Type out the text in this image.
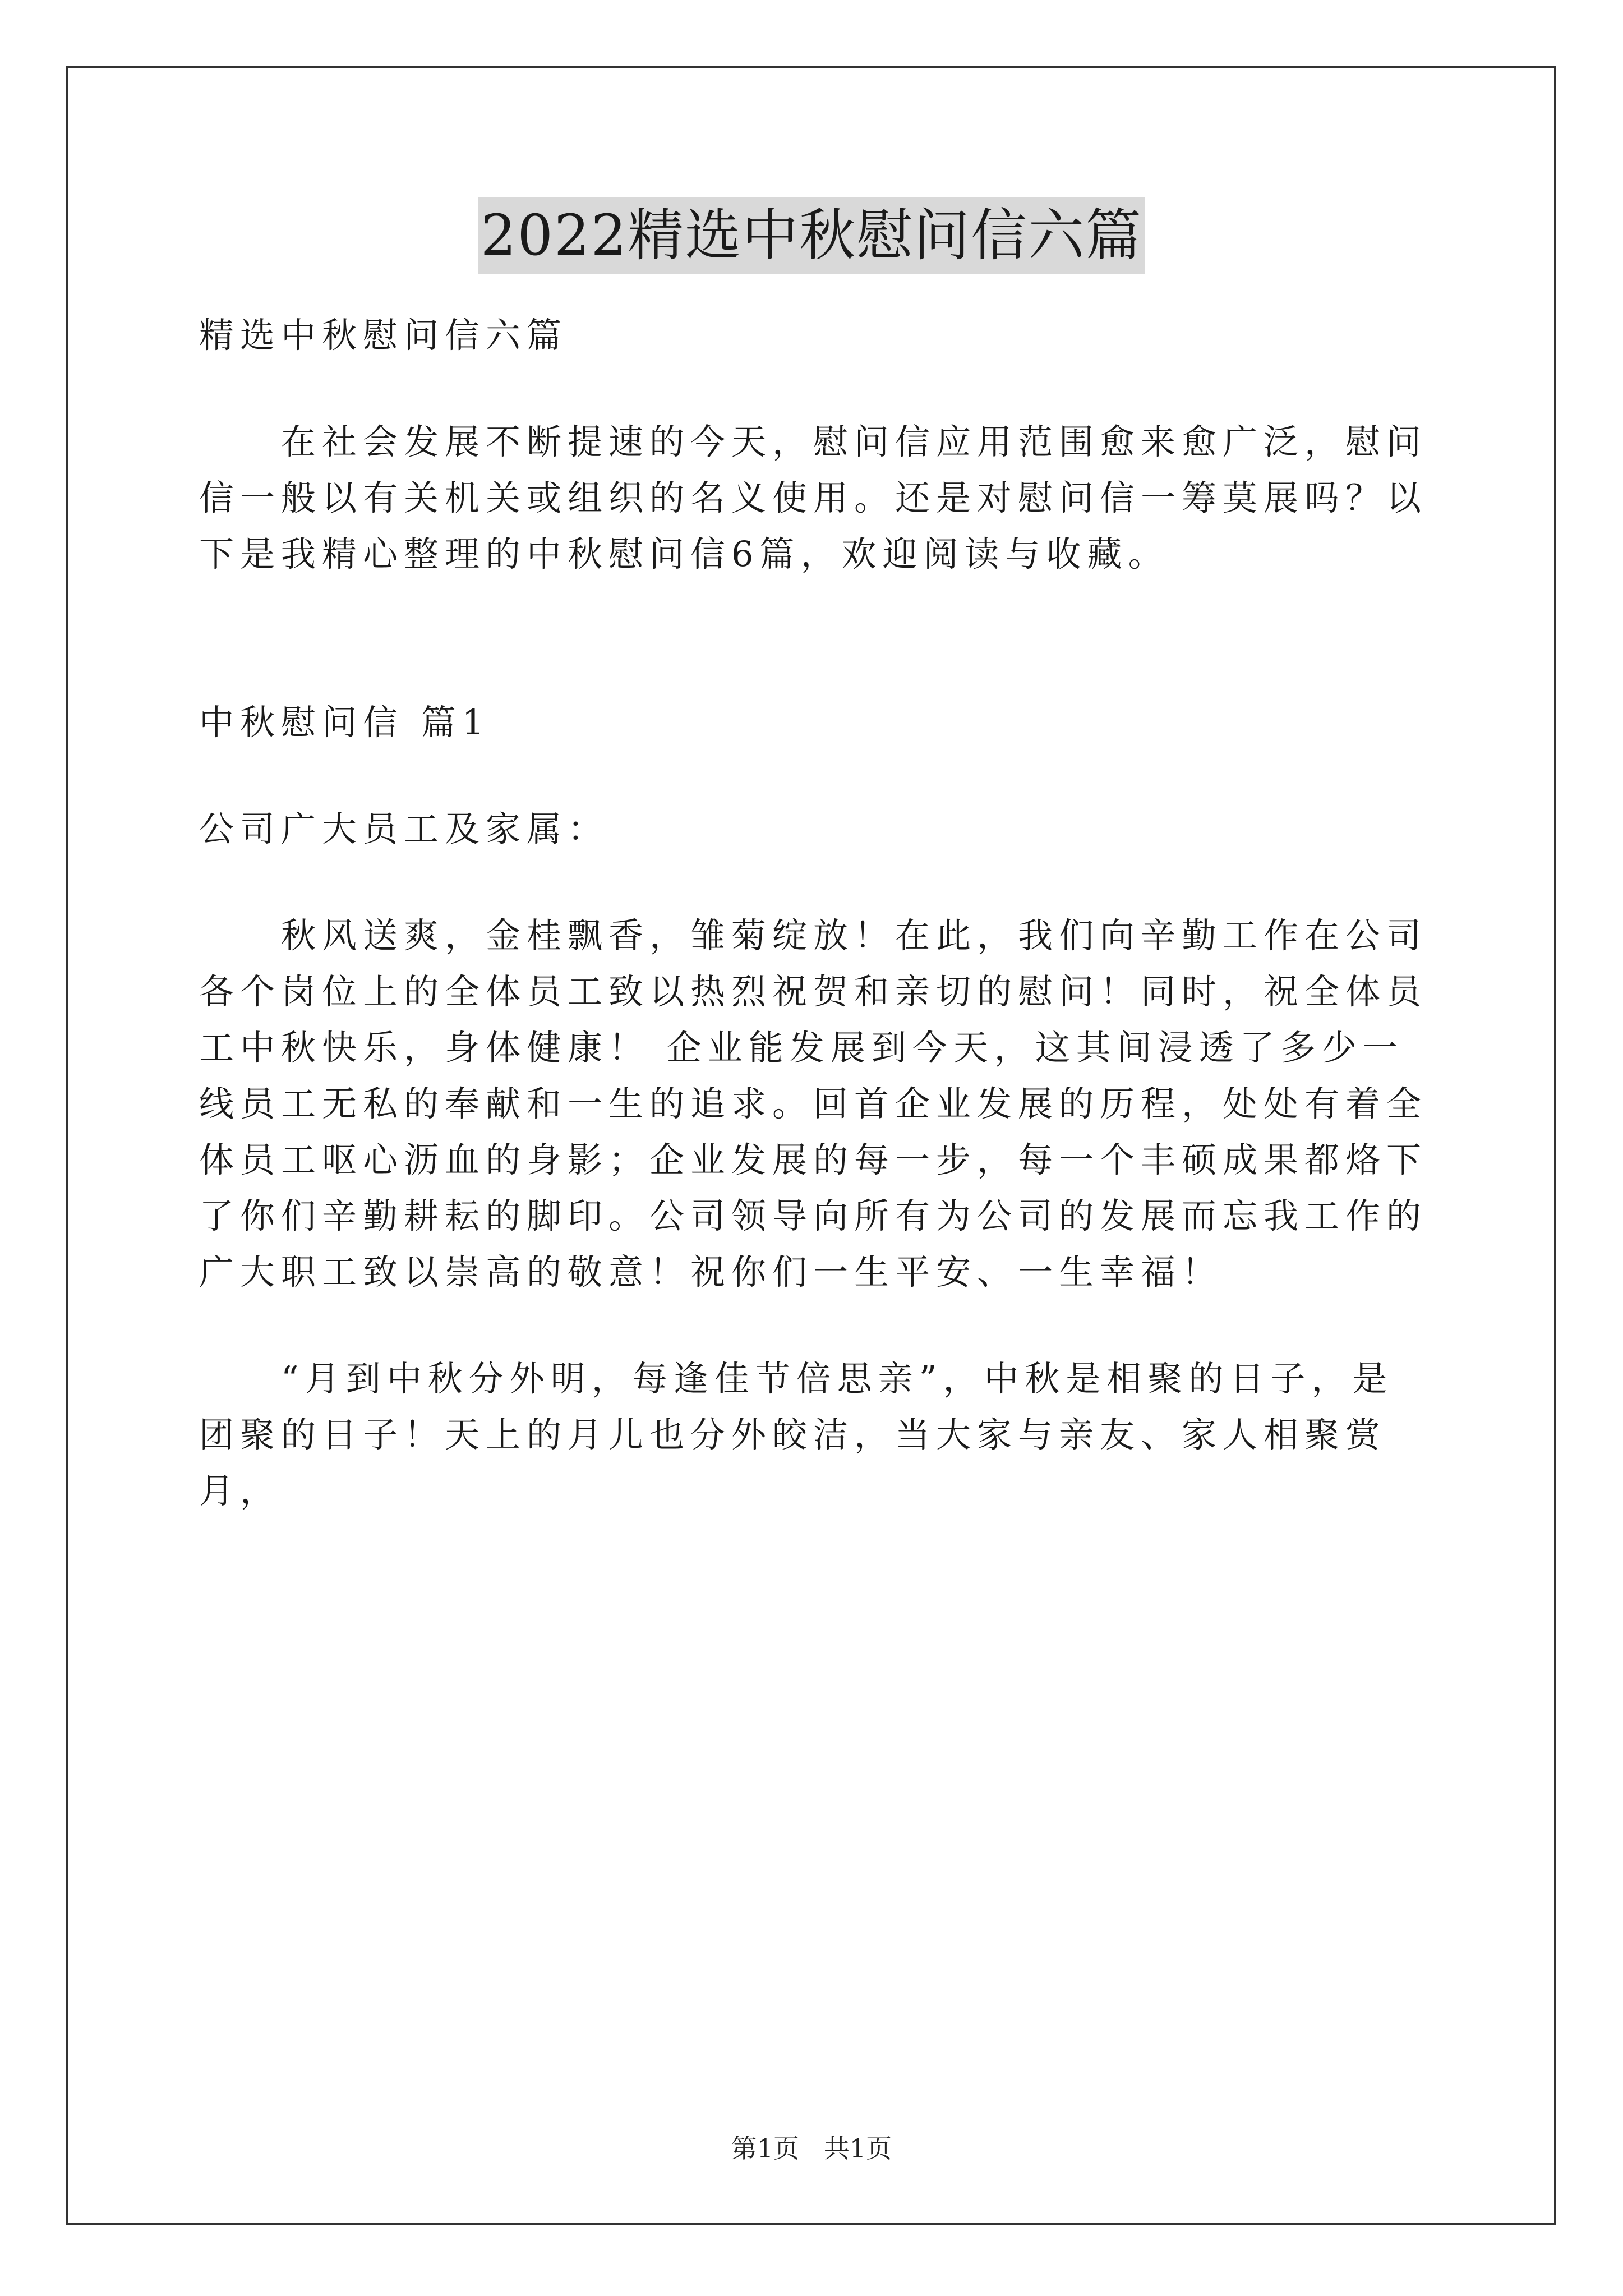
2022精选中秋慰问信六篇

精选中秋慰问信六篇

在社会发展不断提速的今天，慰问信应用范围愈来愈广泛，慰问信一般以有关机关或组织的名义使用。还是对慰问信一筹莫展吗？以下是我精心整理的中秋慰问信6篇，欢迎阅读与收藏。

中秋慰问信 篇1

公司广大员工及家属：

秋风送爽，金桂飘香，雏菊绽放！在此，我们向辛勤工作在公司各个岗位上的全体员工致以热烈祝贺和亲切的慰问！同时，祝全体员工中秋快乐，身体健康！ 企业能发展到今天，这其间浸透了多少一线员工无私的奉献和一生的追求。回首企业发展的历程，处处有着全体员工呕心沥血的身影；企业发展的每一步，每一个丰硕成果都烙下了你们辛勤耕耘的脚印。公司领导向所有为公司的发展而忘我工作的广大职工致以崇高的敬意！祝你们一生平安、一生幸福！

“月到中秋分外明，每逢佳节倍思亲”，中秋是相聚的日子，是团聚的日子！天上的月儿也分外皎洁，当大家与亲友、家人相聚赏月，

第1页   共1页
